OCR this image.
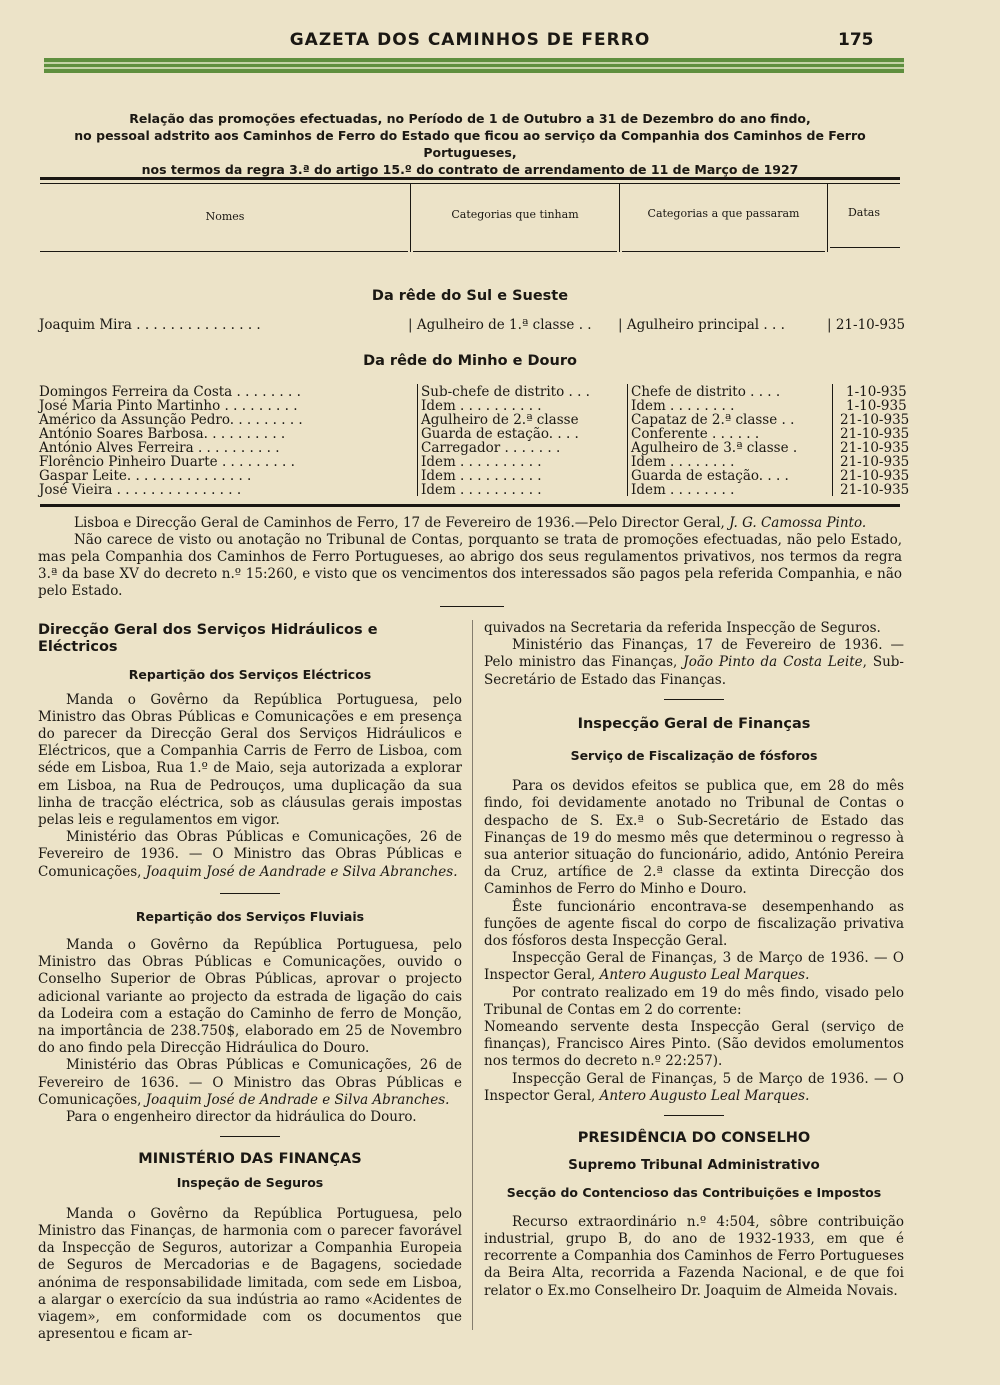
GAZETA DOS CAMINHOS DE FERRO	175
Relação das promoções efectuadas, no Período de 1 de Outubro a 31 de Dezembro do ano findo,
no pessoal adstrito aos Caminhos de Ferro do Estado que ficou ao serviço da Companhia dos Caminhos de Ferro Portugueses,
nos termos da regra 3.ª do artigo 15.º do contrato de arrendamento de 11 de Março de 1927
Nomes	Categorias que tinham	Categorias a que passaram	Datas
Da rêde do Sul e Sueste
Joaquim Mira . . . . . . . . . . . . . . .	| Agulheiro de 1.ª classe . .	| Agulheiro principal . . .	| 21-10-935
Da rêde do Minho e Douro
Domingos Ferreira da Costa . . . . . . . .	Sub-chefe de distrito . . .	Chefe de distrito . . . .	1-10-935
José Maria Pinto Martinho . . . . . . . . .	Idem . . . . . . . . . .	Idem . . . . . . . .	1-10-935
Américo da Assunção Pedro. . . . . . . . .	Agulheiro de 2.ª classe	Capataz de 2.ª classe . .	21-10-935
António Soares Barbosa. . . . . . . . . .	Guarda de estação. . . .	Conferente . . . . . .	21-10-935
António Alves Ferreira . . . . . . . . . .	Carregador . . . . . . .	Agulheiro de 3.ª classe .	21-10-935
Florêncio Pinheiro Duarte . . . . . . . . .	Idem . . . . . . . . . .	Idem . . . . . . . .	21-10-935
Gaspar Leite. . . . . . . . . . . . . . .	Idem . . . . . . . . . .	Guarda de estação. . . .	21-10-935
José Vieira . . . . . . . . . . . . . . .	Idem . . . . . . . . . .	Idem . . . . . . . .	21-10-935

Lisboa e Direcção Geral de Caminhos de Ferro, 17 de Fevereiro de 1936.—Pelo Director Geral, J. G. Camossa Pinto.

Não carece de visto ou anotação no Tribunal de Contas, porquanto se trata de promoções efectuadas, não pelo Estado, mas pela Companhia dos Caminhos de Ferro Portugueses, ao abrigo dos seus regulamentos privativos, nos termos da regra 3.ª da base XV do decreto n.º 15:260, e visto que os vencimentos dos interessados são pagos pela referida Companhia, e não pelo Estado.

Direcção Geral dos Serviços Hidráulicos e Eléctricos
Repartição dos Serviços Eléctricos

Manda o Govêrno da República Portuguesa, pelo Ministro das Obras Públicas e Comunicações e em presença do parecer da Direcção Geral dos Serviços Hidráulicos e Eléctricos, que a Companhia Carris de Ferro de Lisboa, com séde em Lisboa, Rua 1.º de Maio, seja autorizada a explorar em Lisboa, na Rua de Pedrouços, uma duplicação da sua linha de tracção eléctrica, sob as cláusulas gerais impostas pelas leis e regulamentos em vigor.

Ministério das Obras Públicas e Comunicações, 26 de Fevereiro de 1936. — O Ministro das Obras Públicas e Comunicações, Joaquim José de Aandrade e Silva Abranches.

Repartição dos Serviços Fluviais

Manda o Govêrno da República Portuguesa, pelo Ministro das Obras Públicas e Comunicações, ouvido o Conselho Superior de Obras Públicas, aprovar o projecto adicional variante ao projecto da estrada de ligação do cais da Lodeira com a estação do Caminho de ferro de Monção, na importância de 238.750$, elaborado em 25 de Novembro do ano findo pela Direcção Hidráulica do Douro.

Ministério das Obras Públicas e Comunicações, 26 de Fevereiro de 1636. — O Ministro das Obras Públicas e Comunicações, Joaquim José de Andrade e Silva Abranches.

Para o engenheiro director da hidráulica do Douro.

MINISTÉRIO DAS FINANÇAS
Inspeção de Seguros

Manda o Govêrno da República Portuguesa, pelo Ministro das Finanças, de harmonia com o parecer favorável da Inspecção de Seguros, autorizar a Companhia Europeia de Seguros de Mercadorias e de Bagagens, sociedade anónima de responsabilidade limitada, com sede em Lisboa, a alargar o exercício da sua indústria ao ramo «Acidentes de viagem», em conformidade com os documentos que apresentou e ficam ar-

quivados na Secretaria da referida Inspecção de Seguros.

Ministério das Finanças, 17 de Fevereiro de 1936. — Pelo ministro das Finanças, João Pinto da Costa Leite, Sub-Secretário de Estado das Finanças.

Inspecção Geral de Finanças
Serviço de Fiscalização de fósforos

Para os devidos efeitos se publica que, em 28 do mês findo, foi devidamente anotado no Tribunal de Contas o despacho de S. Ex.ª o Sub-Secretário de Estado das Finanças de 19 do mesmo mês que determinou o regresso à sua anterior situação do funcionário, adido, António Pereira da Cruz, artífice de 2.ª classe da extinta Direcção dos Caminhos de Ferro do Minho e Douro.

Êste funcionário encontrava-se desempenhando as funções de agente fiscal do corpo de fiscalização privativa dos fósforos desta Inspecção Geral.

Inspecção Geral de Finanças, 3 de Março de 1936. — O Inspector Geral, Antero Augusto Leal Marques.

Por contrato realizado em 19 do mês findo, visado pelo Tribunal de Contas em 2 do corrente:

Nomeando servente desta Inspecção Geral (serviço de finanças), Francisco Aires Pinto. (São devidos emolumentos nos termos do decreto n.º 22:257).

Inspecção Geral de Finanças, 5 de Março de 1936. — O Inspector Geral, Antero Augusto Leal Marques.

PRESIDÊNCIA DO CONSELHO
Supremo Tribunal Administrativo
Secção do Contencioso das Contribuições e Impostos

Recurso extraordinário n.º 4:504, sôbre contribuição industrial, grupo B, do ano de 1932-1933, em que é recorrente a Companhia dos Caminhos de Ferro Portugueses da Beira Alta, recorrida a Fazenda Nacional, e de que foi relator o Ex.mo Conselheiro Dr. Joaquim de Almeida Novais.
